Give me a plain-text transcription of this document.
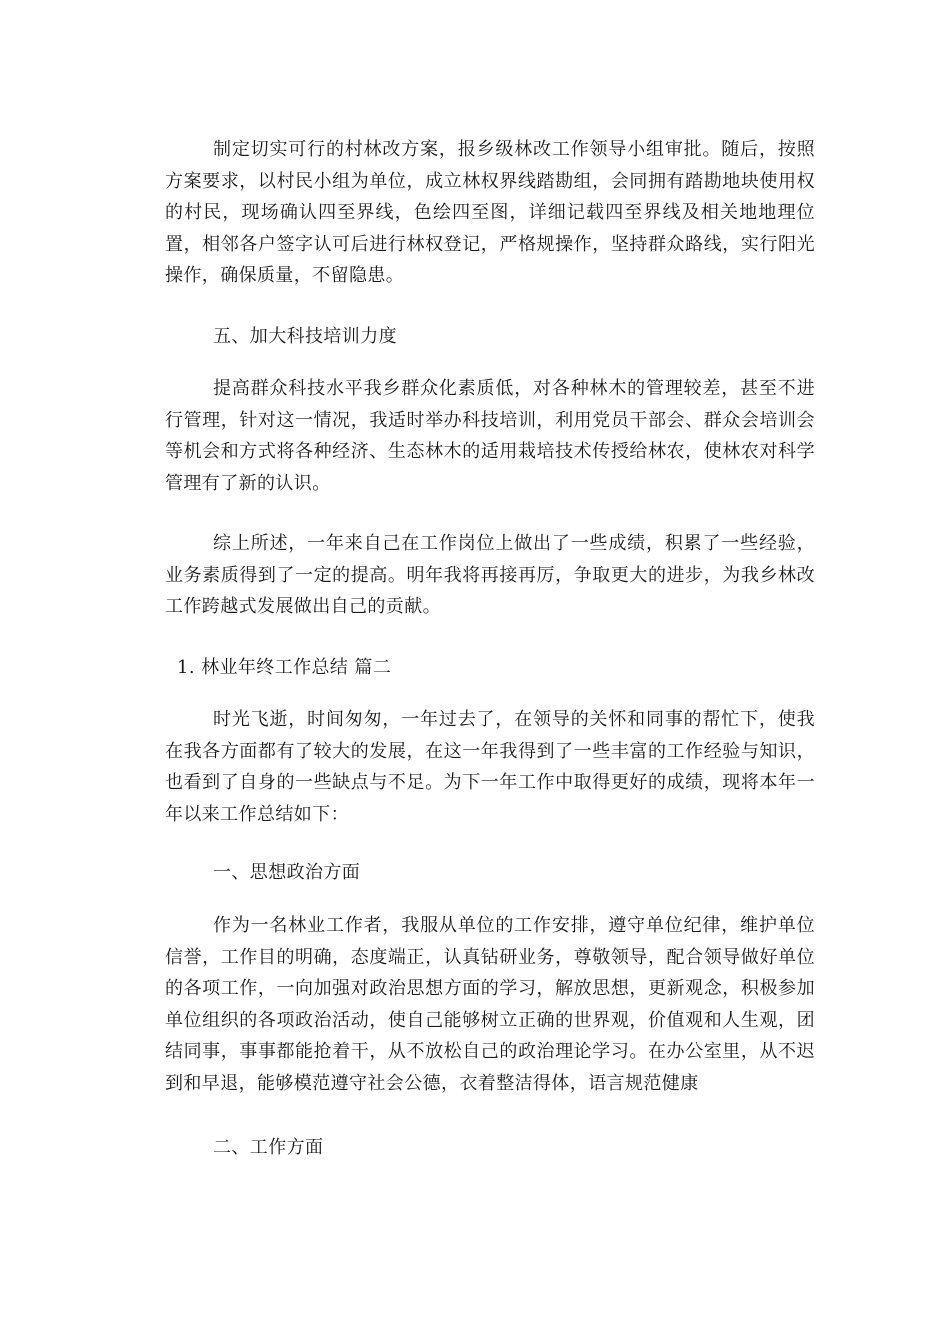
制定切实可行的村林改方案，报乡级林改工作领导小组审批。随后，按照方案要求，以村民小组为单位，成立林权界线踏勘组，会同拥有踏勘地块使用权的村民，现场确认四至界线，色绘四至图，详细记载四至界线及相关地地理位置，相邻各户签字认可后进行林权登记，严格规操作，坚持群众路线，实行阳光操作，确保质量，不留隐患。

五、加大科技培训力度

提高群众科技水平我乡群众化素质低，对各种林木的管理较差，甚至不进行管理，针对这一情况，我适时举办科技培训，利用党员干部会、群众会培训会等机会和方式将各种经济、生态林木的适用栽培技术传授给林农，使林农对科学管理有了新的认识。

综上所述，一年来自己在工作岗位上做出了一些成绩，积累了一些经验，业务素质得到了一定的提高。明年我将再接再厉，争取更大的进步，为我乡林改工作跨越式发展做出自己的贡献。

1. 林业年终工作总结 篇二

时光飞逝，时间匆匆，一年过去了，在领导的关怀和同事的帮忙下，使我在我各方面都有了较大的发展，在这一年我得到了一些丰富的工作经验与知识，也看到了自身的一些缺点与不足。为下一年工作中取得更好的成绩，现将本年一年以来工作总结如下：

一、思想政治方面

作为一名林业工作者，我服从单位的工作安排，遵守单位纪律，维护单位信誉，工作目的明确，态度端正，认真钻研业务，尊敬领导，配合领导做好单位的各项工作，一向加强对政治思想方面的学习，解放思想，更新观念，积极参加单位组织的各项政治活动，使自己能够树立正确的世界观，价值观和人生观，团结同事，事事都能抢着干，从不放松自己的政治理论学习。在办公室里，从不迟到和早退，能够模范遵守社会公德，衣着整洁得体，语言规范健康

二、工作方面
